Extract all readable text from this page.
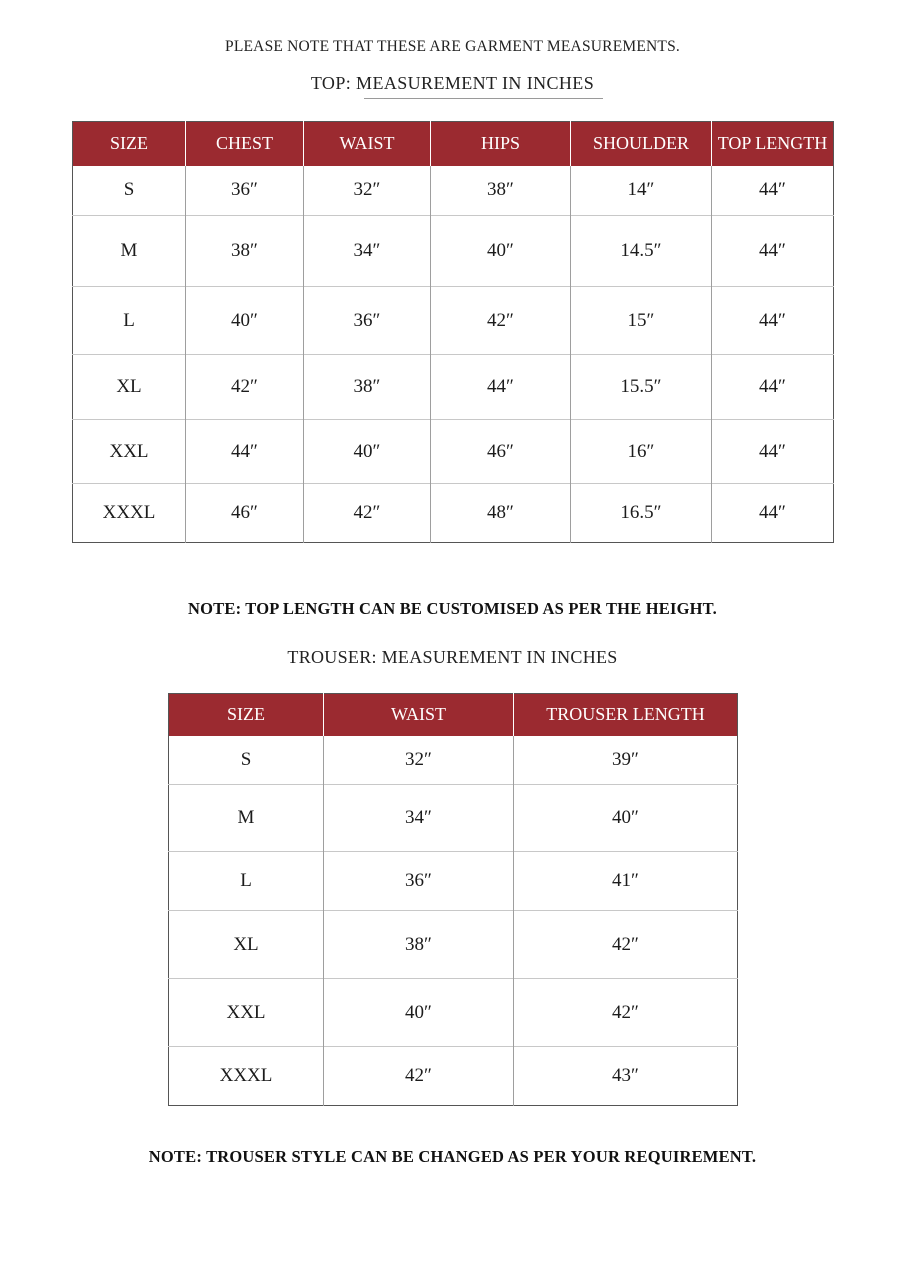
PLEASE NOTE THAT THESE ARE GARMENT MEASUREMENTS.
TOP: MEASUREMENT IN INCHES
SIZE	CHEST	WAIST	HIPS	SHOULDER	TOP LENGTH
S	36″	32″	38″	14″	44″
M	38″	34″	40″	14.5″	44″
L	40″	36″	42″	15″	44″
XL	42″	38″	44″	15.5″	44″
XXL	44″	40″	46″	16″	44″
XXXL	46″	42″	48″	16.5″	44″
NOTE: TOP LENGTH CAN BE CUSTOMISED AS PER THE HEIGHT.
TROUSER: MEASUREMENT IN INCHES
SIZE	WAIST	TROUSER LENGTH
S	32″	39″
M	34″	40″
L	36″	41″
XL	38″	42″
XXL	40″	42″
XXXL	42″	43″
NOTE: TROUSER STYLE CAN BE CHANGED AS PER YOUR REQUIREMENT.
